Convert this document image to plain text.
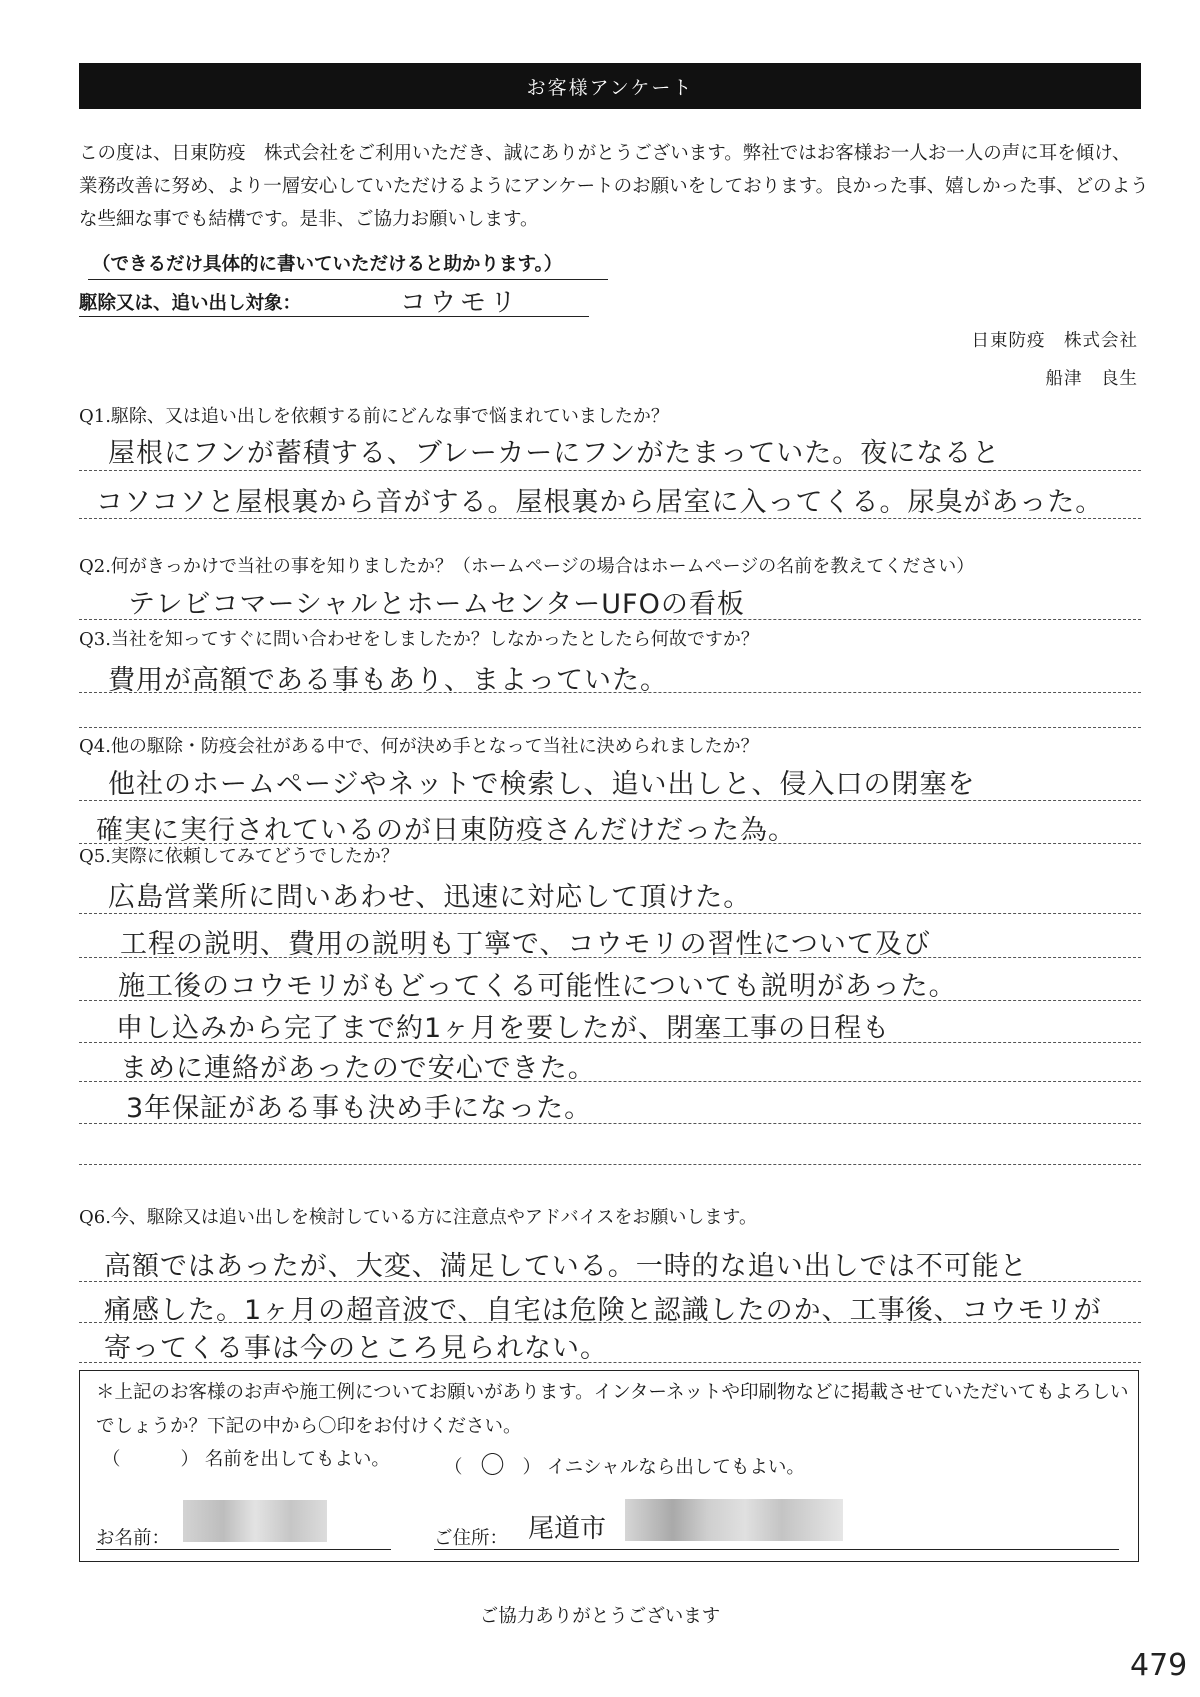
お客様アンケート

この度は、日東防疫　株式会社をご利用いただき、誠にありがとうございます。弊社ではお客様お一人お一人の声に耳を傾け、業務改善に努め、より一層安心していただけるようにアンケートのお願いをしております。良かった事、嬉しかった事、どのような些細な事でも結構です。是非、ご協力お願いします。

（できるだけ具体的に書いていただけると助かります。）

駆除又は、追い出し対象：	コウモリ
日東防疫　株式会社
船津　良生

Q1.駆除、又は追い出しを依頼する前にどんな事で悩まれていましたか？

屋根にフンが蓄積する、ブレーカーにフンがたまっていた。夜になると
コソコソと屋根裏から音がする。屋根裏から居室に入ってくる。尿臭があった。

Q2.何がきっかけで当社の事を知りましたか？（ホームページの場合はホームページの名前を教えてください）

テレビコマーシャルとホームセンターUFOの看板

Q3.当社を知ってすぐに問い合わせをしましたか？しなかったとしたら何故ですか？

費用が高額である事もあり、まよっていた。

Q4.他の駆除・防疫会社がある中で、何が決め手となって当社に決められましたか？

他社のホームページやネットで検索し、追い出しと、侵入口の閉塞を
確実に実行されているのが日東防疫さんだけだった為。

Q5.実際に依頼してみてどうでしたか？

広島営業所に問いあわせ、迅速に対応して頂けた。
工程の説明、費用の説明も丁寧で、コウモリの習性について及び
施工後のコウモリがもどってくる可能性についても説明があった。
申し込みから完了まで約1ヶ月を要したが、閉塞工事の日程も
まめに連絡があったので安心できた。
3年保証がある事も決め手になった。

Q6.今、駆除又は追い出しを検討している方に注意点やアドバイスをお願いします。

高額ではあったが、大変、満足している。一時的な追い出しでは不可能と
痛感した。1ヶ月の超音波で、自宅は危険と認識したのか、工事後、コウモリが
寄ってくる事は今のところ見られない。

＊上記のお客様のお声や施工例についてお願いがあります。インターネットや印刷物などに掲載させていただいてもよろしいでしょうか？下記の中から〇印をお付けください。

（	） 名前を出してもよい。	（ 〇 ） イニシャルなら出してもよい。
お名前：	ご住所： 尾道市
ご協力ありがとうございます
479
